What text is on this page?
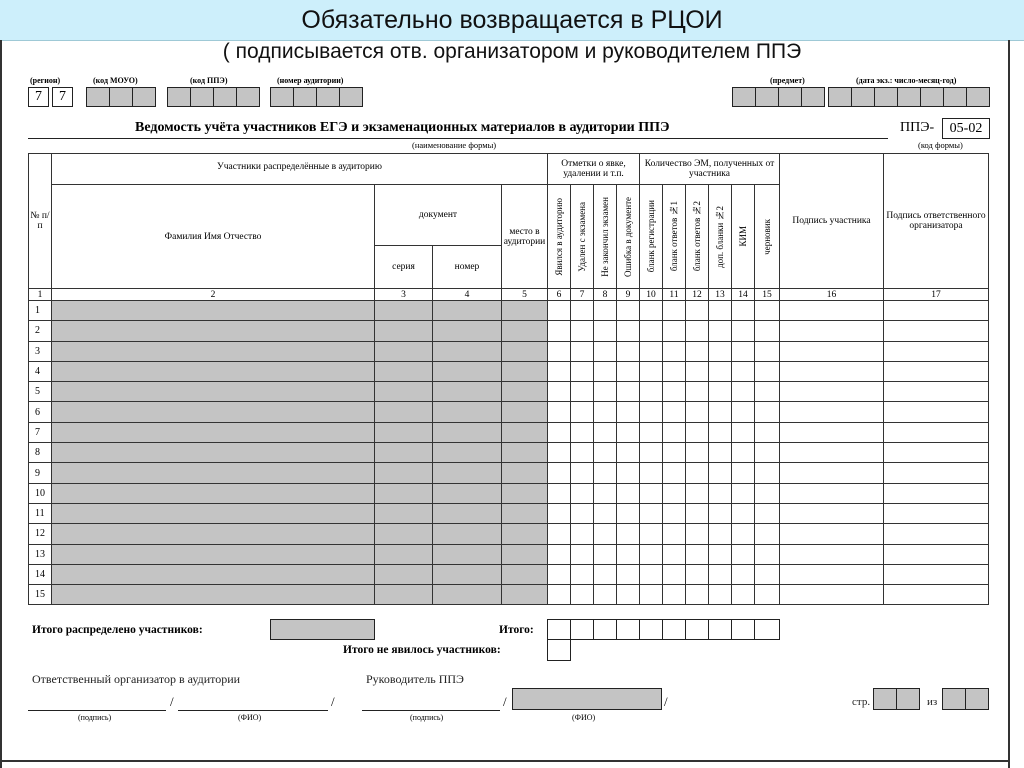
Обязательно возвращается в РЦОИ
( подписывается отв. организатором и руководителем ППЭ
(регион)
7	7
(код МОУО)	(код ППЭ)	(номер аудитории)	(предмет)	(дата экз.: число-месяц-год)
Ведомость учёта участников ЕГЭ и экзаменационных материалов в аудитории ППЭ
(наименование формы)
ППЭ-	05-02
(код формы)
№ п/п	Участники распределённые в аудиторию				Отметки о явке, удалении и т.п.				Количество ЭМ, полученных от участника						Подпись участника	Подпись ответственного организатора
	Фамилия Имя Отчество	документ		место в аудитории	Явился в аудиторию	Удален с экзамена	Не закончил экзамен	Ошибка в документе	бланк регистрации	бланк ответов №1	бланк ответов №2	доп. бланки №2	КИМ	черновик		

		серия	номер													
1	2	3	4	5	6	7	8	9	10	11	12	13	14	15	16	17
1																
2																
3																
4																
5																
6																
7																
8																
9																
10																
11																
12																
13																
14																
15																
Итого распределено участников:	Итого:
Итого не явилось участников:
Ответственный организатор в аудитории
/	/
(подпись)	(ФИО)
Руководитель ППЭ
/	/
(подпись)	(ФИО)
стр.	из
